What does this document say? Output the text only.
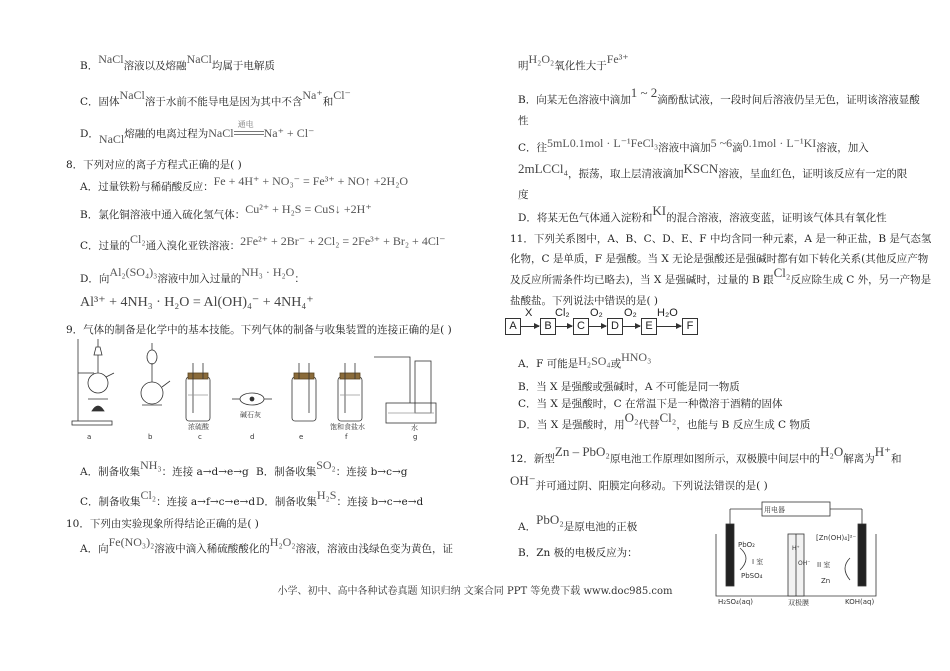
B．NaCl溶液以及熔融NaCl均属于电解质
C．固体NaCl溶于水前不能导电是因为其中不含Na⁺和Cl⁻
D．NaCl熔融的电离过程为NaCl
通电
Na⁺ + Cl⁻
8．下列对应的离子方程式正确的是( )
A．过量铁粉与稀硝酸反应：Fe + 4H⁺ + NO₃⁻ = Fe³⁺ + NO↑ +2H₂O
B．氯化铜溶液中通入硫化氢气体：Cu²⁺ + H₂S = CuS↓ +2H⁺
C．过量的Cl₂通入溴化亚铁溶液：2Fe²⁺ + 2Br⁻ + 2Cl₂ = 2Fe³⁺ + Br₂ + 4Cl⁻
D．向Al₂(SO₄)₃溶液中加入过量的NH₃ · H₂O：
Al³⁺ + 4NH₃ · H₂O = Al(OH)₄⁻ + 4NH₄⁺
9．气体的制备是化学中的基本技能。下列气体的制备与收集装置的连接正确的是( )
a	b	c	d	e	f	g
浓硫酸
碱石灰
饱和食盐水	水
A．制备收集NH₃：连接 a→d→e→g B．制备收集SO₂：连接 b→c→g
C．制备收集Cl₂：连接 a→f→c→e→d D．制备收集H₂S：连接 b→c→e→d
10．下列由实验现象所得结论正确的是( )
A．向Fe(NO₃)₂溶液中滴入稀硫酸酸化的H₂O₂溶液，溶液由浅绿色变为黄色，证
明H₂O₂氧化性大于Fe³⁺
B．向某无色溶液中滴加1 ~ 2滴酚酞试液，一段时间后溶液仍呈无色，证明该溶液显酸
性
C．往5mL0.1mol · L⁻¹FeCl₃溶液中滴加5 ~6滴0.1mol · L⁻¹KI溶液，加入
2mLCCl₄，振荡，取上层清液滴加KSCN溶液，呈血红色，证明该反应有一定的限
度
D．将某无色气体通入淀粉和KI的混合溶液，溶液变蓝，证明该气体具有氧化性
11．下列关系图中，A、B、C、D、E、F 中均含同一种元素，A 是一种正盐，B 是气态氢
化物，C 是单质，F 是强酸。当 X 无论是强酸还是强碱时都有如下转化关系(其他反应产物
及反应所需条件均已略去)，当 X 是强碱时，过量的 B 跟Cl₂反应除生成 C 外，另一产物是
盐酸盐。下列说法中错误的是( )
A
X
B
Cl₂
C
O₂
D
O₂
E
H₂O
F
A．F 可能是H₂SO₄或HNO₃
B．当 X 是强酸或强碱时，A 不可能是同一物质
C．当 X 是强酸时，C 在常温下是一种微溶于酒精的固体
D．当 X 是强酸时，用O₂代替Cl₂，也能与 B 反应生成 C 物质
12．新型Zn – PbO₂原电池工作原理如图所示，双极膜中间层中的H₂O解离为H⁺和
OH⁻并可通过阴、阳膜定向移动。下列说法错误的是( )
A．PbO₂是原电池的正极
B．Zn 极的电极反应为：
用电器
PbO₂
PbSO₄
I 室	II 室
[Zn(OH)₄]²⁻
Zn
H⁺
OH⁻
H₂SO₄(aq)	双极膜	KOH(aq)
小学、初中、高中各种试卷真题 知识归纳 文案合同 PPT 等免费下载 www.doc985.com
